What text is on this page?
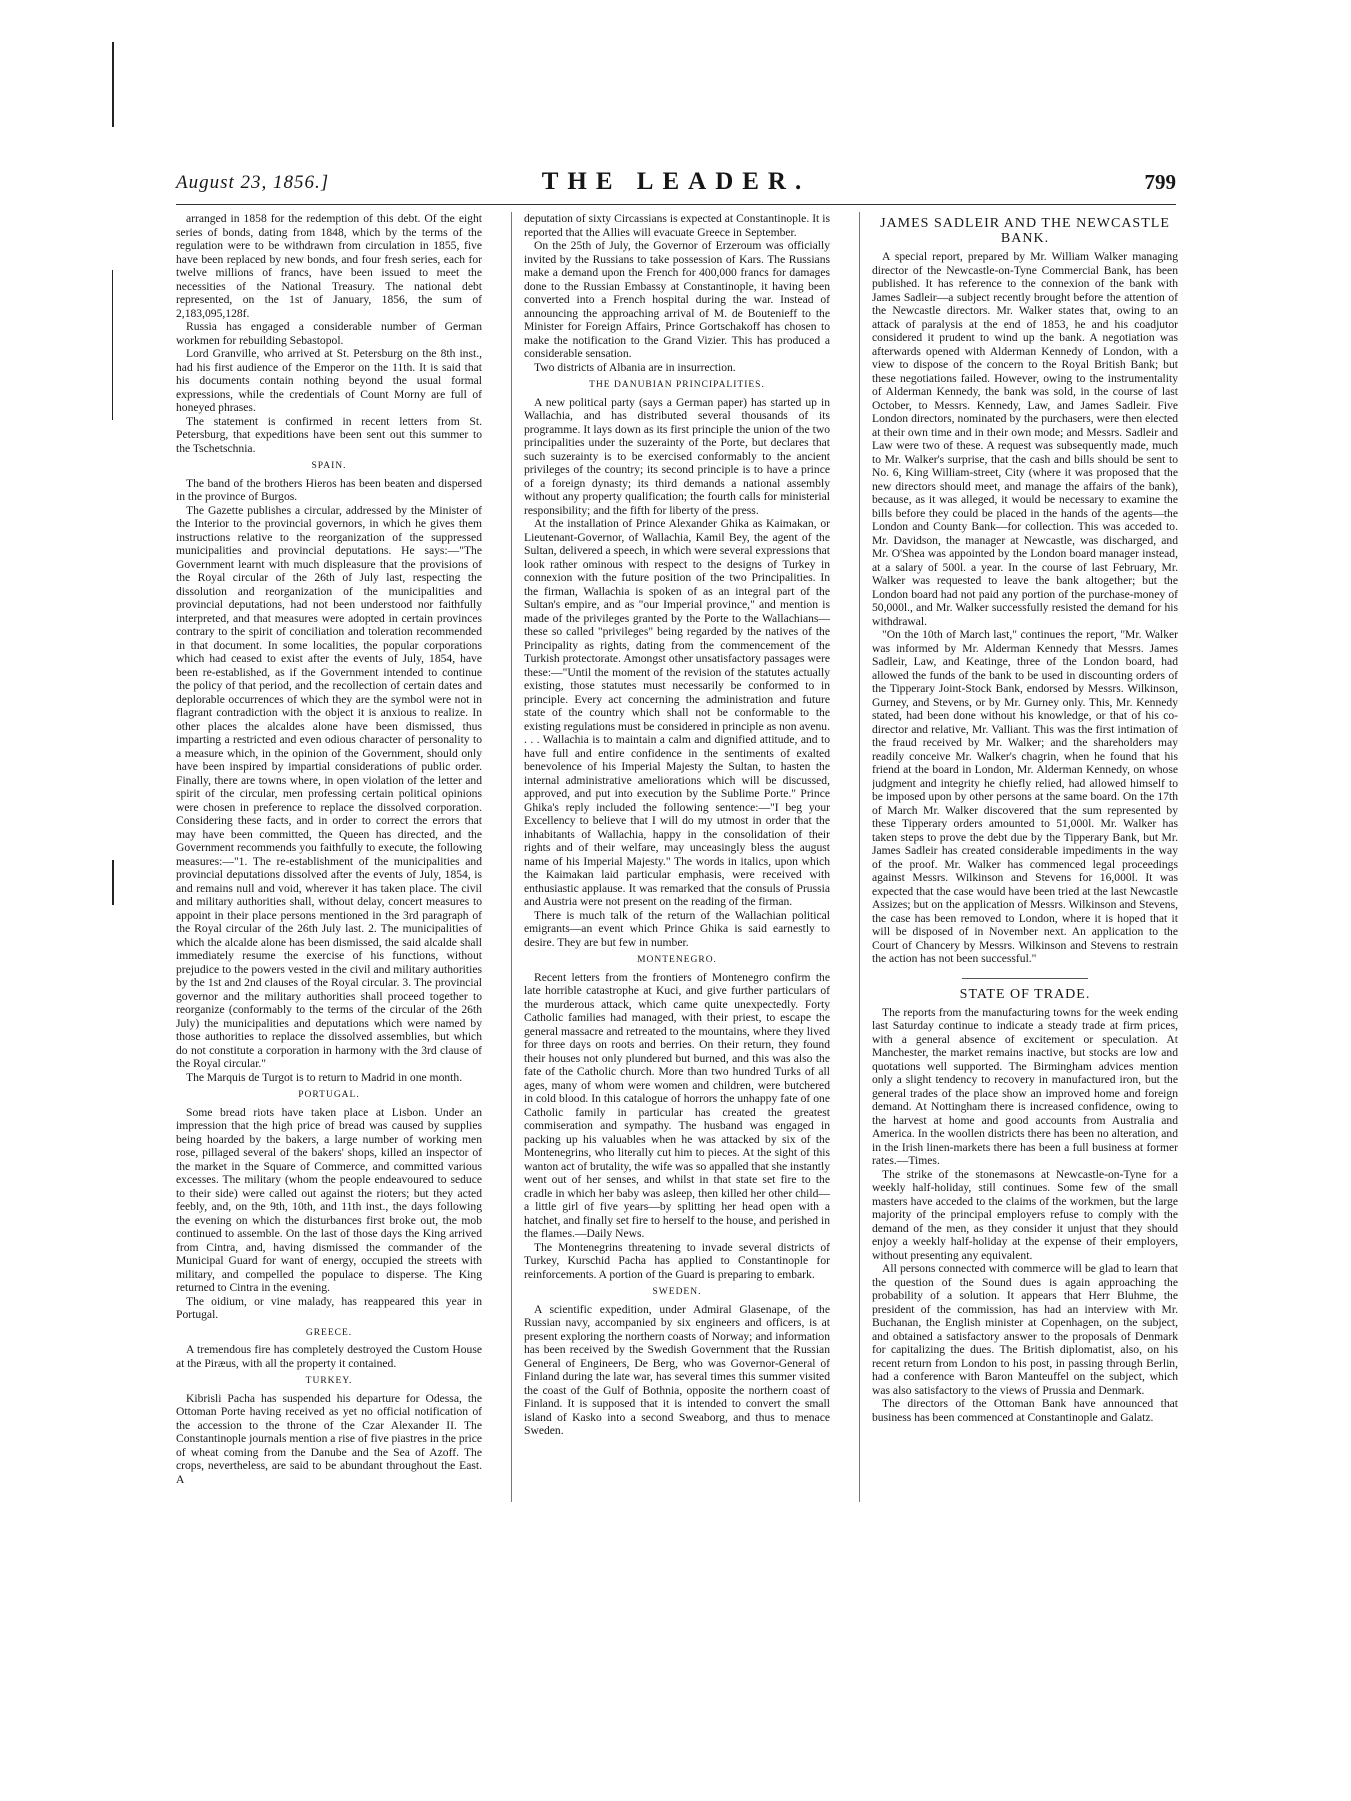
August 23, 1856.]	THE LEADER.	799

arranged in 1858 for the redemption of this debt. Of the eight series of bonds, dating from 1848, which by the terms of the regulation were to be withdrawn from circulation in 1855, five have been replaced by new bonds, and four fresh series, each for twelve millions of francs, have been issued to meet the necessities of the National Treasury. The national debt represented, on the 1st of January, 1856, the sum of 2,183,095,128f.

Russia has engaged a considerable number of German workmen for rebuilding Sebastopol.

Lord Granville, who arrived at St. Petersburg on the 8th inst., had his first audience of the Emperor on the 11th. It is said that his documents contain nothing beyond the usual formal expressions, while the credentials of Count Morny are full of honeyed phrases.

The statement is confirmed in recent letters from St. Petersburg, that expeditions have been sent out this summer to the Tschetschnia.

SPAIN.

The band of the brothers Hieros has been beaten and dispersed in the province of Burgos.

The Gazette publishes a circular, addressed by the Minister of the Interior to the provincial governors, in which he gives them instructions relative to the reorganization of the suppressed municipalities and provincial deputations. He says:—"The Government learnt with much displeasure that the provisions of the Royal circular of the 26th of July last, respecting the dissolution and reorganization of the municipalities and provincial deputations, had not been understood nor faithfully interpreted, and that measures were adopted in certain provinces contrary to the spirit of conciliation and toleration recommended in that document. In some localities, the popular corporations which had ceased to exist after the events of July, 1854, have been re-established, as if the Government intended to continue the policy of that period, and the recollection of certain dates and deplorable occurrences of which they are the symbol were not in flagrant contradiction with the object it is anxious to realize. In other places the alcaldes alone have been dismissed, thus imparting a restricted and even odious character of personality to a measure which, in the opinion of the Government, should only have been inspired by impartial considerations of public order. Finally, there are towns where, in open violation of the letter and spirit of the circular, men professing certain political opinions were chosen in preference to replace the dissolved corporation. Considering these facts, and in order to correct the errors that may have been committed, the Queen has directed, and the Government recommends you faithfully to execute, the following measures:—"1. The re-establishment of the municipalities and provincial deputations dissolved after the events of July, 1854, is and remains null and void, wherever it has taken place. The civil and military authorities shall, without delay, concert measures to appoint in their place persons mentioned in the 3rd paragraph of the Royal circular of the 26th July last. 2. The municipalities of which the alcalde alone has been dismissed, the said alcalde shall immediately resume the exercise of his functions, without prejudice to the powers vested in the civil and military authorities by the 1st and 2nd clauses of the Royal circular. 3. The provincial governor and the military authorities shall proceed together to reorganize (conformably to the terms of the circular of the 26th July) the municipalities and deputations which were named by those authorities to replace the dissolved assemblies, but which do not constitute a corporation in harmony with the 3rd clause of the Royal circular."

The Marquis de Turgot is to return to Madrid in one month.

PORTUGAL.

Some bread riots have taken place at Lisbon. Under an impression that the high price of bread was caused by supplies being hoarded by the bakers, a large number of working men rose, pillaged several of the bakers' shops, killed an inspector of the market in the Square of Commerce, and committed various excesses. The military (whom the people endeavoured to seduce to their side) were called out against the rioters; but they acted feebly, and, on the 9th, 10th, and 11th inst., the days following the evening on which the disturbances first broke out, the mob continued to assemble. On the last of those days the King arrived from Cintra, and, having dismissed the commander of the Municipal Guard for want of energy, occupied the streets with military, and compelled the populace to disperse. The King returned to Cintra in the evening.

The oidium, or vine malady, has reappeared this year in Portugal.

GREECE.

A tremendous fire has completely destroyed the Custom House at the Piræus, with all the property it contained.

TURKEY.

Kibrisli Pacha has suspended his departure for Odessa, the Ottoman Porte having received as yet no official notification of the accession to the throne of the Czar Alexander II. The Constantinople journals mention a rise of five piastres in the price of wheat coming from the Danube and the Sea of Azoff. The crops, nevertheless, are said to be abundant throughout the East. A

deputation of sixty Circassians is expected at Constantinople. It is reported that the Allies will evacuate Greece in September.

On the 25th of July, the Governor of Erzeroum was officially invited by the Russians to take possession of Kars. The Russians make a demand upon the French for 400,000 francs for damages done to the Russian Embassy at Constantinople, it having been converted into a French hospital during the war. Instead of announcing the approaching arrival of M. de Boutenieff to the Minister for Foreign Affairs, Prince Gortschakoff has chosen to make the notification to the Grand Vizier. This has produced a considerable sensation.

Two districts of Albania are in insurrection.

THE DANUBIAN PRINCIPALITIES.

A new political party (says a German paper) has started up in Wallachia, and has distributed several thousands of its programme. It lays down as its first principle the union of the two principalities under the suzerainty of the Porte, but declares that such suzerainty is to be exercised conformably to the ancient privileges of the country; its second principle is to have a prince of a foreign dynasty; its third demands a national assembly without any property qualification; the fourth calls for ministerial responsibility; and the fifth for liberty of the press.

At the installation of Prince Alexander Ghika as Kaimakan, or Lieutenant-Governor, of Wallachia, Kamil Bey, the agent of the Sultan, delivered a speech, in which were several expressions that look rather ominous with respect to the designs of Turkey in connexion with the future position of the two Principalities. In the firman, Wallachia is spoken of as an integral part of the Sultan's empire, and as "our Imperial province," and mention is made of the privileges granted by the Porte to the Wallachians—these so called "privileges" being regarded by the natives of the Principality as rights, dating from the commencement of the Turkish protectorate. Amongst other unsatisfactory passages were these:—"Until the moment of the revision of the statutes actually existing, those statutes must necessarily be conformed to in principle. Every act concerning the administration and future state of the country which shall not be conformable to the existing regulations must be considered in principle as non avenu. . . . Wallachia is to maintain a calm and dignified attitude, and to have full and entire confidence in the sentiments of exalted benevolence of his Imperial Majesty the Sultan, to hasten the internal administrative ameliorations which will be discussed, approved, and put into execution by the Sublime Porte." Prince Ghika's reply included the following sentence:—"I beg your Excellency to believe that I will do my utmost in order that the inhabitants of Wallachia, happy in the consolidation of their rights and of their welfare, may unceasingly bless the august name of his Imperial Majesty." The words in italics, upon which the Kaimakan laid particular emphasis, were received with enthusiastic applause. It was remarked that the consuls of Prussia and Austria were not present on the reading of the firman.

There is much talk of the return of the Wallachian political emigrants—an event which Prince Ghika is said earnestly to desire. They are but few in number.

MONTENEGRO.

Recent letters from the frontiers of Montenegro confirm the late horrible catastrophe at Kuci, and give further particulars of the murderous attack, which came quite unexpectedly. Forty Catholic families had managed, with their priest, to escape the general massacre and retreated to the mountains, where they lived for three days on roots and berries. On their return, they found their houses not only plundered but burned, and this was also the fate of the Catholic church. More than two hundred Turks of all ages, many of whom were women and children, were butchered in cold blood. In this catalogue of horrors the unhappy fate of one Catholic family in particular has created the greatest commiseration and sympathy. The husband was engaged in packing up his valuables when he was attacked by six of the Montenegrins, who literally cut him to pieces. At the sight of this wanton act of brutality, the wife was so appalled that she instantly went out of her senses, and whilst in that state set fire to the cradle in which her baby was asleep, then killed her other child—a little girl of five years—by splitting her head open with a hatchet, and finally set fire to herself to the house, and perished in the flames.—Daily News.

The Montenegrins threatening to invade several districts of Turkey, Kurschid Pacha has applied to Constantinople for reinforcements. A portion of the Guard is preparing to embark.

SWEDEN.

A scientific expedition, under Admiral Glasenape, of the Russian navy, accompanied by six engineers and officers, is at present exploring the northern coasts of Norway; and information has been received by the Swedish Government that the Russian General of Engineers, De Berg, who was Governor-General of Finland during the late war, has several times this summer visited the coast of the Gulf of Bothnia, opposite the northern coast of Finland. It is supposed that it is intended to convert the small island of Kasko into a second Sweaborg, and thus to menace Sweden.

JAMES SADLEIR AND THE NEWCASTLE BANK.

A special report, prepared by Mr. William Walker managing director of the Newcastle-on-Tyne Commercial Bank, has been published. It has reference to the connexion of the bank with James Sadleir—a subject recently brought before the attention of the Newcastle directors. Mr. Walker states that, owing to an attack of paralysis at the end of 1853, he and his coadjutor considered it prudent to wind up the bank. A negotiation was afterwards opened with Alderman Kennedy of London, with a view to dispose of the concern to the Royal British Bank; but these negotiations failed. However, owing to the instrumentality of Alderman Kennedy, the bank was sold, in the course of last October, to Messrs. Kennedy, Law, and James Sadleir. Five London directors, nominated by the purchasers, were then elected at their own time and in their own mode; and Messrs. Sadleir and Law were two of these. A request was subsequently made, much to Mr. Walker's surprise, that the cash and bills should be sent to No. 6, King William-street, City (where it was proposed that the new directors should meet, and manage the affairs of the bank), because, as it was alleged, it would be necessary to examine the bills before they could be placed in the hands of the agents—the London and County Bank—for collection. This was acceded to. Mr. Davidson, the manager at Newcastle, was discharged, and Mr. O'Shea was appointed by the London board manager instead, at a salary of 500l. a year. In the course of last February, Mr. Walker was requested to leave the bank altogether; but the London board had not paid any portion of the purchase-money of 50,000l., and Mr. Walker successfully resisted the demand for his withdrawal.

"On the 10th of March last," continues the report, "Mr. Walker was informed by Mr. Alderman Kennedy that Messrs. James Sadleir, Law, and Keatinge, three of the London board, had allowed the funds of the bank to be used in discounting orders of the Tipperary Joint-Stock Bank, endorsed by Messrs. Wilkinson, Gurney, and Stevens, or by Mr. Gurney only. This, Mr. Kennedy stated, had been done without his knowledge, or that of his co-director and relative, Mr. Valliant. This was the first intimation of the fraud received by Mr. Walker; and the shareholders may readily conceive Mr. Walker's chagrin, when he found that his friend at the board in London, Mr. Alderman Kennedy, on whose judgment and integrity he chiefly relied, had allowed himself to be imposed upon by other persons at the same board. On the 17th of March Mr. Walker discovered that the sum represented by these Tipperary orders amounted to 51,000l. Mr. Walker has taken steps to prove the debt due by the Tipperary Bank, but Mr. James Sadleir has created considerable impediments in the way of the proof. Mr. Walker has commenced legal proceedings against Messrs. Wilkinson and Stevens for 16,000l. It was expected that the case would have been tried at the last Newcastle Assizes; but on the application of Messrs. Wilkinson and Stevens, the case has been removed to London, where it is hoped that it will be disposed of in November next. An application to the Court of Chancery by Messrs. Wilkinson and Stevens to restrain the action has not been successful."

STATE OF TRADE.

The reports from the manufacturing towns for the week ending last Saturday continue to indicate a steady trade at firm prices, with a general absence of excitement or speculation. At Manchester, the market remains inactive, but stocks are low and quotations well supported. The Birmingham advices mention only a slight tendency to recovery in manufactured iron, but the general trades of the place show an improved home and foreign demand. At Nottingham there is increased confidence, owing to the harvest at home and good accounts from Australia and America. In the woollen districts there has been no alteration, and in the Irish linen-markets there has been a full business at former rates.—Times.

The strike of the stonemasons at Newcastle-on-Tyne for a weekly half-holiday, still continues. Some few of the small masters have acceded to the claims of the workmen, but the large majority of the principal employers refuse to comply with the demand of the men, as they consider it unjust that they should enjoy a weekly half-holiday at the expense of their employers, without presenting any equivalent.

All persons connected with commerce will be glad to learn that the question of the Sound dues is again approaching the probability of a solution. It appears that Herr Bluhme, the president of the commission, has had an interview with Mr. Buchanan, the English minister at Copenhagen, on the subject, and obtained a satisfactory answer to the proposals of Denmark for capitalizing the dues. The British diplomatist, also, on his recent return from London to his post, in passing through Berlin, had a conference with Baron Manteuffel on the subject, which was also satisfactory to the views of Prussia and Denmark.

The directors of the Ottoman Bank have announced that business has been commenced at Constantinople and Galatz.
